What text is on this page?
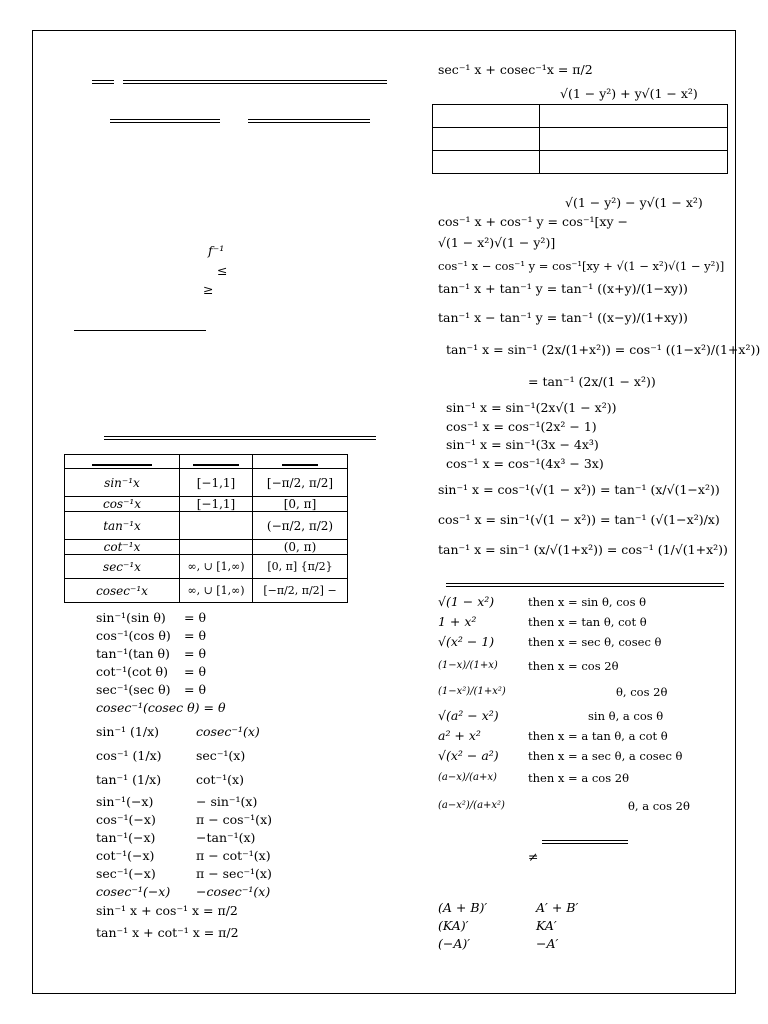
f⁻¹
≤
≥

sin⁻¹x	[−1,1]	[−π/2, π/2]
cos⁻¹x	[−1,1]	[0, π]
tan⁻¹x		(−π/2, π/2)
cot⁻¹x		(0, π)
sec⁻¹x	∞, ∪ [1,∞)	[0, π] {π/2}
cosec⁻¹x	∞, ∪ [1,∞)	[−π/2, π/2] −
sin⁻¹(sin θ) = θ
cos⁻¹(cos θ) = θ
tan⁻¹(tan θ) = θ
cot⁻¹(cot θ) = θ
sec⁻¹(sec θ) = θ
cosec⁻¹(cosec θ) = θ
sin⁻¹ (1/x)	cosec⁻¹(x)
cos⁻¹ (1/x)	sec⁻¹(x)
tan⁻¹ (1/x)	cot⁻¹(x)
sin⁻¹(−x)	− sin⁻¹(x)
cos⁻¹(−x)	π − cos⁻¹(x)
tan⁻¹(−x)	−tan⁻¹(x)
cot⁻¹(−x)	π − cot⁻¹(x)
sec⁻¹(−x)	π − sec⁻¹(x)
cosec⁻¹(−x) −cosec⁻¹(x)
sin⁻¹ x + cos⁻¹ x = π/2
tan⁻¹ x + cot⁻¹ x = π/2
sec⁻¹ x + cosec⁻¹x = π/2
√(1 − y²) + y√(1 − x²)

√(1 − y²) − y√(1 − x²)
cos⁻¹ x + cos⁻¹ y = cos⁻¹[xy −
√(1 − x²)√(1 − y²)]
cos⁻¹ x − cos⁻¹ y = cos⁻¹[xy + √(1 − x²)√(1 − y²)]
tan⁻¹ x + tan⁻¹ y = tan⁻¹ ((x+y)/(1−xy))
tan⁻¹ x − tan⁻¹ y = tan⁻¹ ((x−y)/(1+xy))
tan⁻¹ x = sin⁻¹ (2x/(1+x²)) = cos⁻¹ ((1−x²)/(1+x²))
= tan⁻¹ (2x/(1 − x²))
sin⁻¹ x = sin⁻¹(2x√(1 − x²))
cos⁻¹ x = cos⁻¹(2x² − 1)
sin⁻¹ x = sin⁻¹(3x − 4x³)
cos⁻¹ x = cos⁻¹(4x³ − 3x)
sin⁻¹ x = cos⁻¹(√(1 − x²)) = tan⁻¹ (x/√(1−x²))
cos⁻¹ x = sin⁻¹(√(1 − x²)) = tan⁻¹ (√(1−x²)/x)
tan⁻¹ x = sin⁻¹ (x/√(1+x²)) = cos⁻¹ (1/√(1+x²))
√(1 − x²)	then x = sin θ, cos θ
1 + x²	then x = tan θ, cot θ
√(x² − 1)	then x = sec θ, cosec θ
(1−x)/(1+x)	then x = cos 2θ
(1−x²)/(1+x²)	θ, cos 2θ
√(a² − x²)	sin θ, a cos θ
a² + x²	then x = a tan θ, a cot θ
√(x² − a²)	then x = a sec θ, a cosec θ
(a−x)/(a+x)	then x = a cos 2θ
(a−x²)/(a+x²)	θ, a cos 2θ
≠
(A + B)′	A′ + B′
(KA)′	KA′
(−A)′	−A′
